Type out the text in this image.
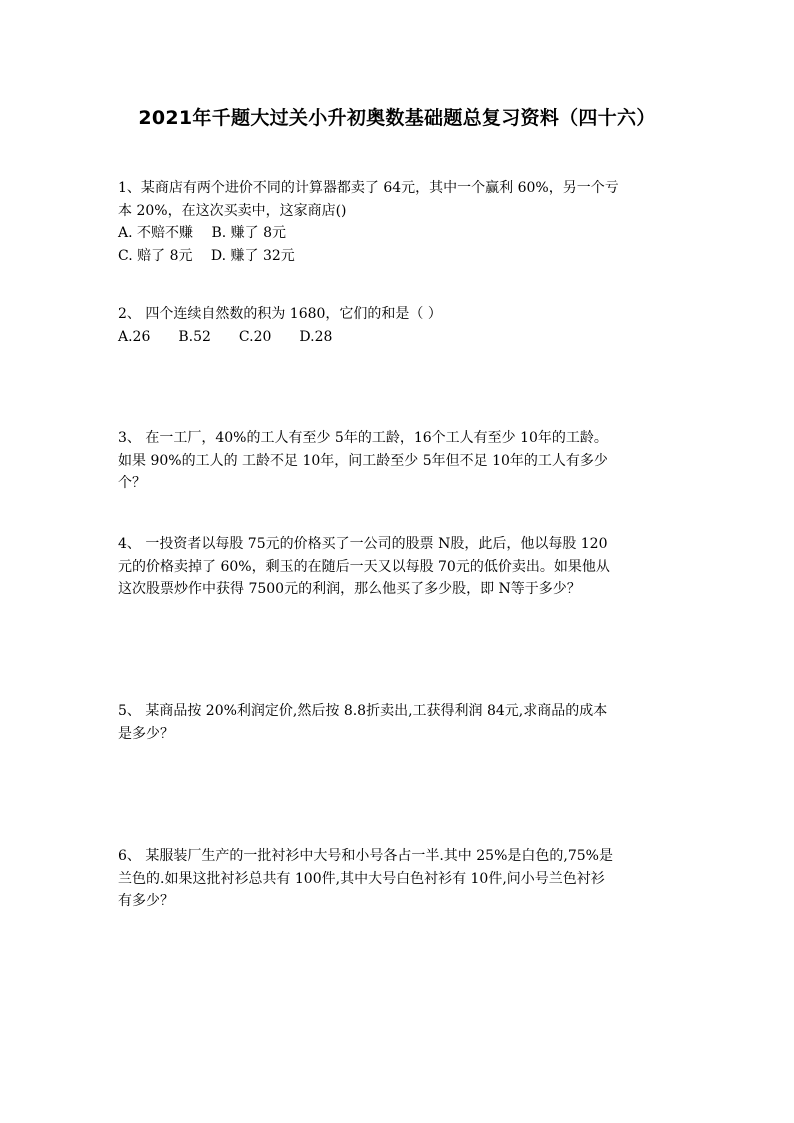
2021年千题大过关小升初奥数基础题总复习资料（四十六）

1、某商店有两个进价不同的计算器都卖了 64元，其中一个赢利 60%，另一个亏

本 20%，在这次买卖中，这家商店()

A. 不赔不赚　 B. 赚了 8元

C. 赔了 8元　 D. 赚了 32元

2、 四个连续自然数的积为 1680，它们的和是（ ）

A.26　　B.52　　C.20　　D.28

3、 在一工厂，40%的工人有至少 5年的工龄，16个工人有至少 10年的工龄。

如果 90%的工人的 工龄不足 10年，问工龄至少 5年但不足 10年的工人有多少

个？

4、 一投资者以每股 75元的价格买了一公司的股票 N股，此后，他以每股 120

元的价格卖掉了 60%，剩玉的在随后一天又以每股 70元的低价卖出。如果他从

这次股票炒作中获得 7500元的利润，那么他买了多少股，即 N等于多少？

5、 某商品按 20%利润定价,然后按 8.8折卖出,工获得利润 84元,求商品的成本

是多少？

6、 某服装厂生产的一批衬衫中大号和小号各占一半.其中 25%是白色的,75%是

兰色的.如果这批衬衫总共有 100件,其中大号白色衬衫有 10件,问小号兰色衬衫

有多少？
